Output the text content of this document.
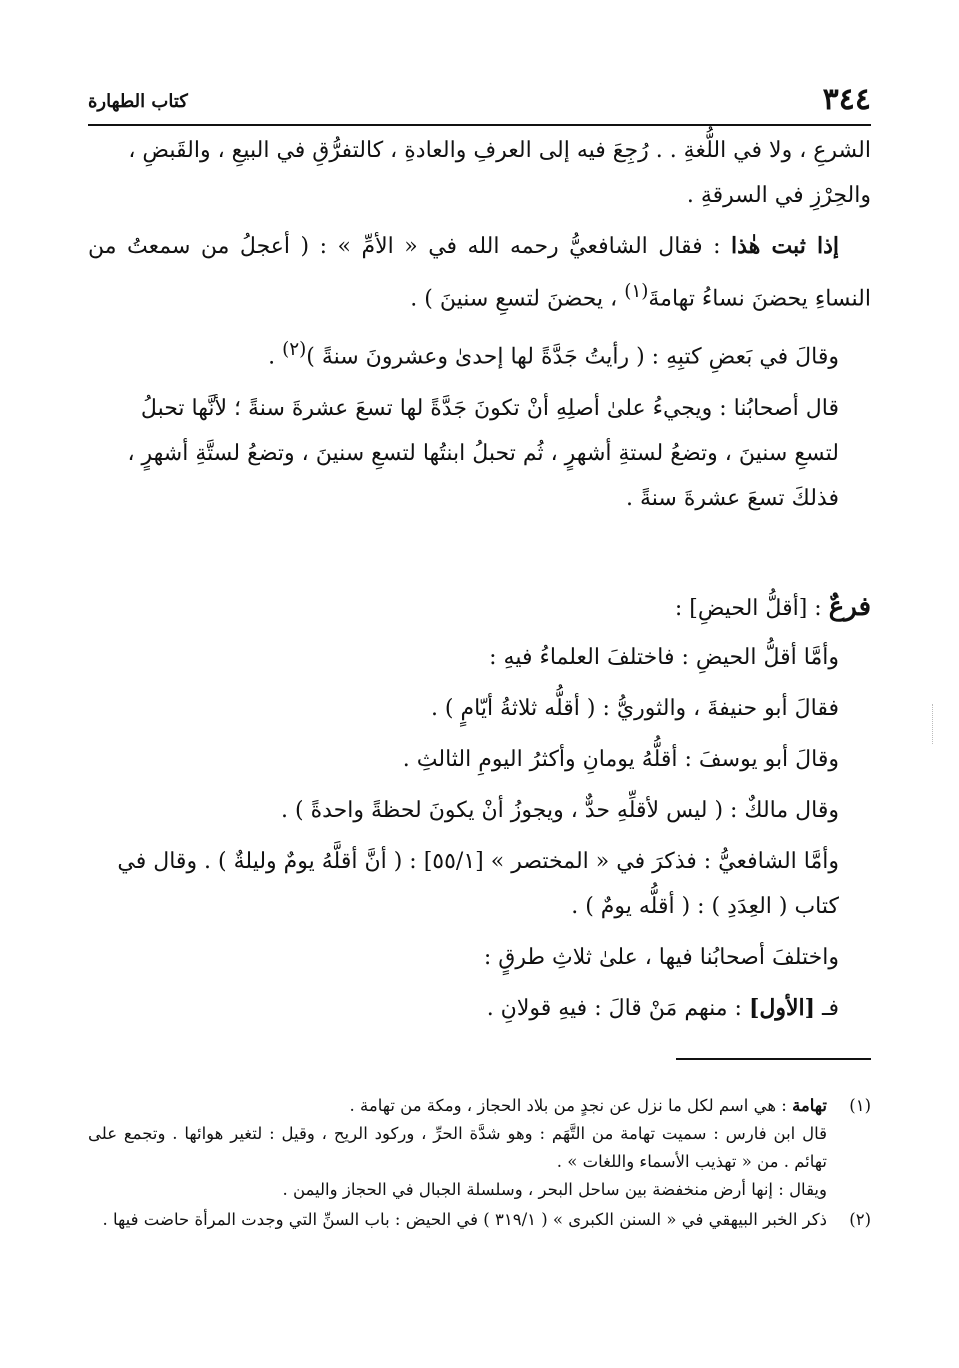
٣٤٤
كتاب الطهارة

الشرعِ ، ولا في اللُّغةِ . . رُجِعَ فيه إلى العرفِ والعادةِ ، كالتفرُّقِ في البيعِ ، والقَبضِ ،
والحِرْزِ في السرقةِ .

إذا ثبت هٰذا : فقال الشافعيُّ رحمه الله في « الأمِّ » : ( أعجلُ من سمعتُ من النساءِ يحضنَ نساءُ تهامةَ$^{(١)}$ ، يحضنَ لتسعِ سنينَ ) .

وقالَ في بَعضِ كتبِهِ : ( رأيتُ جَدَّةً لها إحدىٰ وعشرونَ سنةً )$^{(٢)}$ .

قال أصحابُنا : ويجيءُ علىٰ أصلِهِ أنْ تكونَ جَدَّةً لها تسعَ عشرةَ سنةً ؛ لأنَّها تحبلُ
لتسعِ سنينَ ، وتضعُ لستةِ أشهرٍ ، ثُم تحبلُ ابنتُها لتسعِ سنينَ ، وتضعُ لستَّةِ أشهرٍ ،
فذلكَ تسعَ عشرةَ سنةً .

فرعٌ : [أقلُّ الحيضِ] :

وأمَّا أقلُّ الحيضِ : فاختلفَ العلماءُ فيهِ :

فقالَ أبو حنيفةَ ، والثوريُّ : ( أقلُّه ثلاثةُ أيّامٍ ) .

وقالَ أبو يوسفَ : أقلُّهُ يومانِ وأكثرُ اليومِ الثالثِ .

وقال مالكٌ : ( ليس لأقلِّهِ حدٌّ ، ويجوزُ أنْ يكونَ لحظةً واحدةً ) .

وأمَّا الشافعيُّ : فذكرَ في « المختصر » [٥٥/١] : ( أنَّ أقلَّهُ يومٌ وليلةٌ ) . وقال في
كتاب ( العِدَدِ ) : ( أقلُّه يومٌ ) .

واختلفَ أصحابُنا فيها ، علىٰ ثلاثِ طرقٍ :

فـ [الأول] : منهم مَنْ قالَ : فيهِ قولانِ .

(١)

تهامة : هي اسم لكل ما نزل عن نجدٍ من بلاد الحجاز ، ومكة من تهامة .

قال ابن فارس : سميت تهامة من التَّهَم : وهو شدَّة الحرِّ ، وركود الريح ، وقيل : لتغير هوائها . وتجمع على تهائم . من « تهذيب الأسماء واللغات » .

ويقال : إنها أرض منخفضة بين ساحل البحر ، وسلسلة الجبال في الحجاز واليمن .

(٢)

ذكر الخبر البيهقي في « السنن الكبرى » ( ٣١٩/١ ) في الحيض : باب السنِّ التي وجدت المرأة حاضت فيها .
